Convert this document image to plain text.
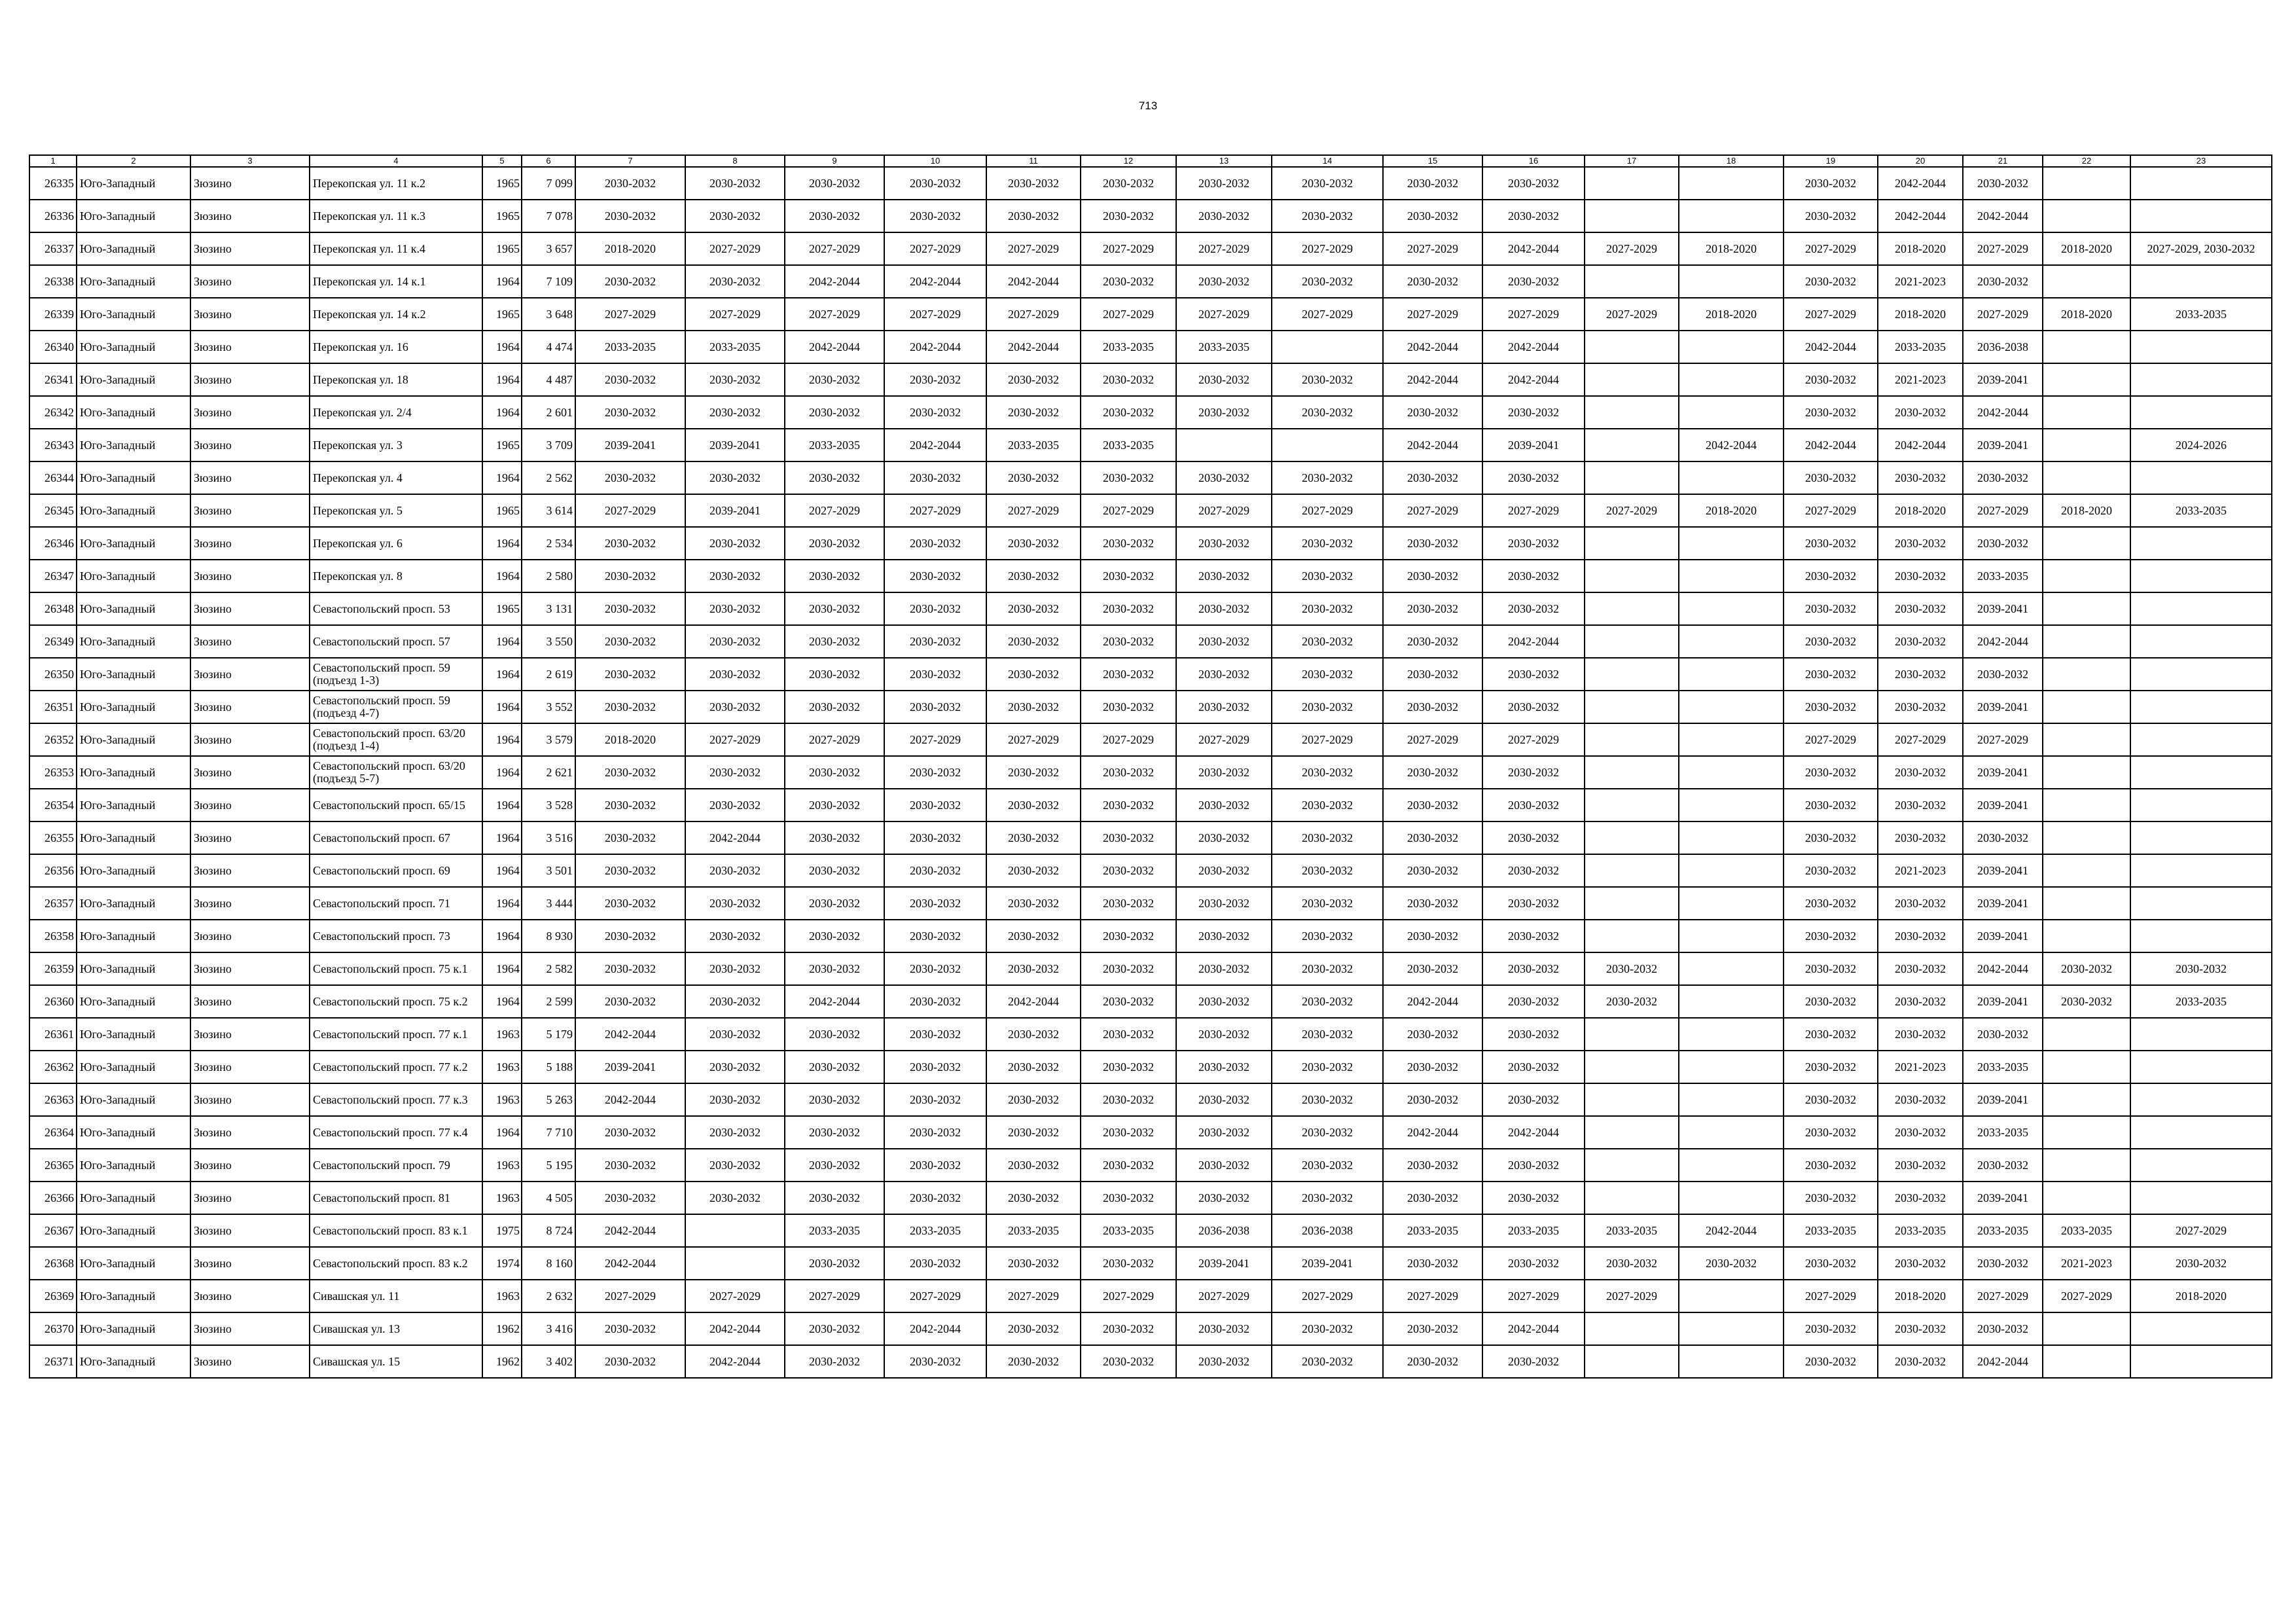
713
1	2	3	4	5	6	7	8	9	10	11	12	13	14	15	16	17	18	19	20	21	22	23
26335	Юго-Западный	Зюзино	Перекопская ул. 11 к.2	1965	7 099	2030-2032	2030-2032	2030-2032	2030-2032	2030-2032	2030-2032	2030-2032	2030-2032	2030-2032	2030-2032			2030-2032	2042-2044	2030-2032		
26336	Юго-Западный	Зюзино	Перекопская ул. 11 к.3	1965	7 078	2030-2032	2030-2032	2030-2032	2030-2032	2030-2032	2030-2032	2030-2032	2030-2032	2030-2032	2030-2032			2030-2032	2042-2044	2042-2044		
26337	Юго-Западный	Зюзино	Перекопская ул. 11 к.4	1965	3 657	2018-2020	2027-2029	2027-2029	2027-2029	2027-2029	2027-2029	2027-2029	2027-2029	2027-2029	2042-2044	2027-2029	2018-2020	2027-2029	2018-2020	2027-2029	2018-2020	2027-2029, 2030-2032
26338	Юго-Западный	Зюзино	Перекопская ул. 14 к.1	1964	7 109	2030-2032	2030-2032	2042-2044	2042-2044	2042-2044	2030-2032	2030-2032	2030-2032	2030-2032	2030-2032			2030-2032	2021-2023	2030-2032		
26339	Юго-Западный	Зюзино	Перекопская ул. 14 к.2	1965	3 648	2027-2029	2027-2029	2027-2029	2027-2029	2027-2029	2027-2029	2027-2029	2027-2029	2027-2029	2027-2029	2027-2029	2018-2020	2027-2029	2018-2020	2027-2029	2018-2020	2033-2035
26340	Юго-Западный	Зюзино	Перекопская ул. 16	1964	4 474	2033-2035	2033-2035	2042-2044	2042-2044	2042-2044	2033-2035	2033-2035		2042-2044	2042-2044			2042-2044	2033-2035	2036-2038		
26341	Юго-Западный	Зюзино	Перекопская ул. 18	1964	4 487	2030-2032	2030-2032	2030-2032	2030-2032	2030-2032	2030-2032	2030-2032	2030-2032	2042-2044	2042-2044			2030-2032	2021-2023	2039-2041		
26342	Юго-Западный	Зюзино	Перекопская ул. 2/4	1964	2 601	2030-2032	2030-2032	2030-2032	2030-2032	2030-2032	2030-2032	2030-2032	2030-2032	2030-2032	2030-2032			2030-2032	2030-2032	2042-2044		
26343	Юго-Западный	Зюзино	Перекопская ул. 3	1965	3 709	2039-2041	2039-2041	2033-2035	2042-2044	2033-2035	2033-2035			2042-2044	2039-2041		2042-2044	2042-2044	2042-2044	2039-2041		2024-2026
26344	Юго-Западный	Зюзино	Перекопская ул. 4	1964	2 562	2030-2032	2030-2032	2030-2032	2030-2032	2030-2032	2030-2032	2030-2032	2030-2032	2030-2032	2030-2032			2030-2032	2030-2032	2030-2032		
26345	Юго-Западный	Зюзино	Перекопская ул. 5	1965	3 614	2027-2029	2039-2041	2027-2029	2027-2029	2027-2029	2027-2029	2027-2029	2027-2029	2027-2029	2027-2029	2027-2029	2018-2020	2027-2029	2018-2020	2027-2029	2018-2020	2033-2035
26346	Юго-Западный	Зюзино	Перекопская ул. 6	1964	2 534	2030-2032	2030-2032	2030-2032	2030-2032	2030-2032	2030-2032	2030-2032	2030-2032	2030-2032	2030-2032			2030-2032	2030-2032	2030-2032		
26347	Юго-Западный	Зюзино	Перекопская ул. 8	1964	2 580	2030-2032	2030-2032	2030-2032	2030-2032	2030-2032	2030-2032	2030-2032	2030-2032	2030-2032	2030-2032			2030-2032	2030-2032	2033-2035		
26348	Юго-Западный	Зюзино	Севастопольский просп. 53	1965	3 131	2030-2032	2030-2032	2030-2032	2030-2032	2030-2032	2030-2032	2030-2032	2030-2032	2030-2032	2030-2032			2030-2032	2030-2032	2039-2041		
26349	Юго-Западный	Зюзино	Севастопольский просп. 57	1964	3 550	2030-2032	2030-2032	2030-2032	2030-2032	2030-2032	2030-2032	2030-2032	2030-2032	2030-2032	2042-2044			2030-2032	2030-2032	2042-2044		
26350	Юго-Западный	Зюзино	Севастопольский просп. 59 (подъезд 1-3)	1964	2 619	2030-2032	2030-2032	2030-2032	2030-2032	2030-2032	2030-2032	2030-2032	2030-2032	2030-2032	2030-2032			2030-2032	2030-2032	2030-2032		
26351	Юго-Западный	Зюзино	Севастопольский просп. 59 (подъезд 4-7)	1964	3 552	2030-2032	2030-2032	2030-2032	2030-2032	2030-2032	2030-2032	2030-2032	2030-2032	2030-2032	2030-2032			2030-2032	2030-2032	2039-2041		
26352	Юго-Западный	Зюзино	Севастопольский просп. 63/20 (подъезд 1-4)	1964	3 579	2018-2020	2027-2029	2027-2029	2027-2029	2027-2029	2027-2029	2027-2029	2027-2029	2027-2029	2027-2029			2027-2029	2027-2029	2027-2029		
26353	Юго-Западный	Зюзино	Севастопольский просп. 63/20 (подъезд 5-7)	1964	2 621	2030-2032	2030-2032	2030-2032	2030-2032	2030-2032	2030-2032	2030-2032	2030-2032	2030-2032	2030-2032			2030-2032	2030-2032	2039-2041		
26354	Юго-Западный	Зюзино	Севастопольский просп. 65/15	1964	3 528	2030-2032	2030-2032	2030-2032	2030-2032	2030-2032	2030-2032	2030-2032	2030-2032	2030-2032	2030-2032			2030-2032	2030-2032	2039-2041		
26355	Юго-Западный	Зюзино	Севастопольский просп. 67	1964	3 516	2030-2032	2042-2044	2030-2032	2030-2032	2030-2032	2030-2032	2030-2032	2030-2032	2030-2032	2030-2032			2030-2032	2030-2032	2030-2032		
26356	Юго-Западный	Зюзино	Севастопольский просп. 69	1964	3 501	2030-2032	2030-2032	2030-2032	2030-2032	2030-2032	2030-2032	2030-2032	2030-2032	2030-2032	2030-2032			2030-2032	2021-2023	2039-2041		
26357	Юго-Западный	Зюзино	Севастопольский просп. 71	1964	3 444	2030-2032	2030-2032	2030-2032	2030-2032	2030-2032	2030-2032	2030-2032	2030-2032	2030-2032	2030-2032			2030-2032	2030-2032	2039-2041		
26358	Юго-Западный	Зюзино	Севастопольский просп. 73	1964	8 930	2030-2032	2030-2032	2030-2032	2030-2032	2030-2032	2030-2032	2030-2032	2030-2032	2030-2032	2030-2032			2030-2032	2030-2032	2039-2041		
26359	Юго-Западный	Зюзино	Севастопольский просп. 75 к.1	1964	2 582	2030-2032	2030-2032	2030-2032	2030-2032	2030-2032	2030-2032	2030-2032	2030-2032	2030-2032	2030-2032	2030-2032		2030-2032	2030-2032	2042-2044	2030-2032	2030-2032
26360	Юго-Западный	Зюзино	Севастопольский просп. 75 к.2	1964	2 599	2030-2032	2030-2032	2042-2044	2030-2032	2042-2044	2030-2032	2030-2032	2030-2032	2042-2044	2030-2032	2030-2032		2030-2032	2030-2032	2039-2041	2030-2032	2033-2035
26361	Юго-Западный	Зюзино	Севастопольский просп. 77 к.1	1963	5 179	2042-2044	2030-2032	2030-2032	2030-2032	2030-2032	2030-2032	2030-2032	2030-2032	2030-2032	2030-2032			2030-2032	2030-2032	2030-2032		
26362	Юго-Западный	Зюзино	Севастопольский просп. 77 к.2	1963	5 188	2039-2041	2030-2032	2030-2032	2030-2032	2030-2032	2030-2032	2030-2032	2030-2032	2030-2032	2030-2032			2030-2032	2021-2023	2033-2035		
26363	Юго-Западный	Зюзино	Севастопольский просп. 77 к.3	1963	5 263	2042-2044	2030-2032	2030-2032	2030-2032	2030-2032	2030-2032	2030-2032	2030-2032	2030-2032	2030-2032			2030-2032	2030-2032	2039-2041		
26364	Юго-Западный	Зюзино	Севастопольский просп. 77 к.4	1964	7 710	2030-2032	2030-2032	2030-2032	2030-2032	2030-2032	2030-2032	2030-2032	2030-2032	2042-2044	2042-2044			2030-2032	2030-2032	2033-2035		
26365	Юго-Западный	Зюзино	Севастопольский просп. 79	1963	5 195	2030-2032	2030-2032	2030-2032	2030-2032	2030-2032	2030-2032	2030-2032	2030-2032	2030-2032	2030-2032			2030-2032	2030-2032	2030-2032		
26366	Юго-Западный	Зюзино	Севастопольский просп. 81	1963	4 505	2030-2032	2030-2032	2030-2032	2030-2032	2030-2032	2030-2032	2030-2032	2030-2032	2030-2032	2030-2032			2030-2032	2030-2032	2039-2041		
26367	Юго-Западный	Зюзино	Севастопольский просп. 83 к.1	1975	8 724	2042-2044		2033-2035	2033-2035	2033-2035	2033-2035	2036-2038	2036-2038	2033-2035	2033-2035	2033-2035	2042-2044	2033-2035	2033-2035	2033-2035	2033-2035	2027-2029
26368	Юго-Западный	Зюзино	Севастопольский просп. 83 к.2	1974	8 160	2042-2044		2030-2032	2030-2032	2030-2032	2030-2032	2039-2041	2039-2041	2030-2032	2030-2032	2030-2032	2030-2032	2030-2032	2030-2032	2030-2032	2021-2023	2030-2032
26369	Юго-Западный	Зюзино	Сивашская ул. 11	1963	2 632	2027-2029	2027-2029	2027-2029	2027-2029	2027-2029	2027-2029	2027-2029	2027-2029	2027-2029	2027-2029	2027-2029		2027-2029	2018-2020	2027-2029	2027-2029	2018-2020
26370	Юго-Западный	Зюзино	Сивашская ул. 13	1962	3 416	2030-2032	2042-2044	2030-2032	2042-2044	2030-2032	2030-2032	2030-2032	2030-2032	2030-2032	2042-2044			2030-2032	2030-2032	2030-2032		
26371	Юго-Западный	Зюзино	Сивашская ул. 15	1962	3 402	2030-2032	2042-2044	2030-2032	2030-2032	2030-2032	2030-2032	2030-2032	2030-2032	2030-2032	2030-2032			2030-2032	2030-2032	2042-2044		
